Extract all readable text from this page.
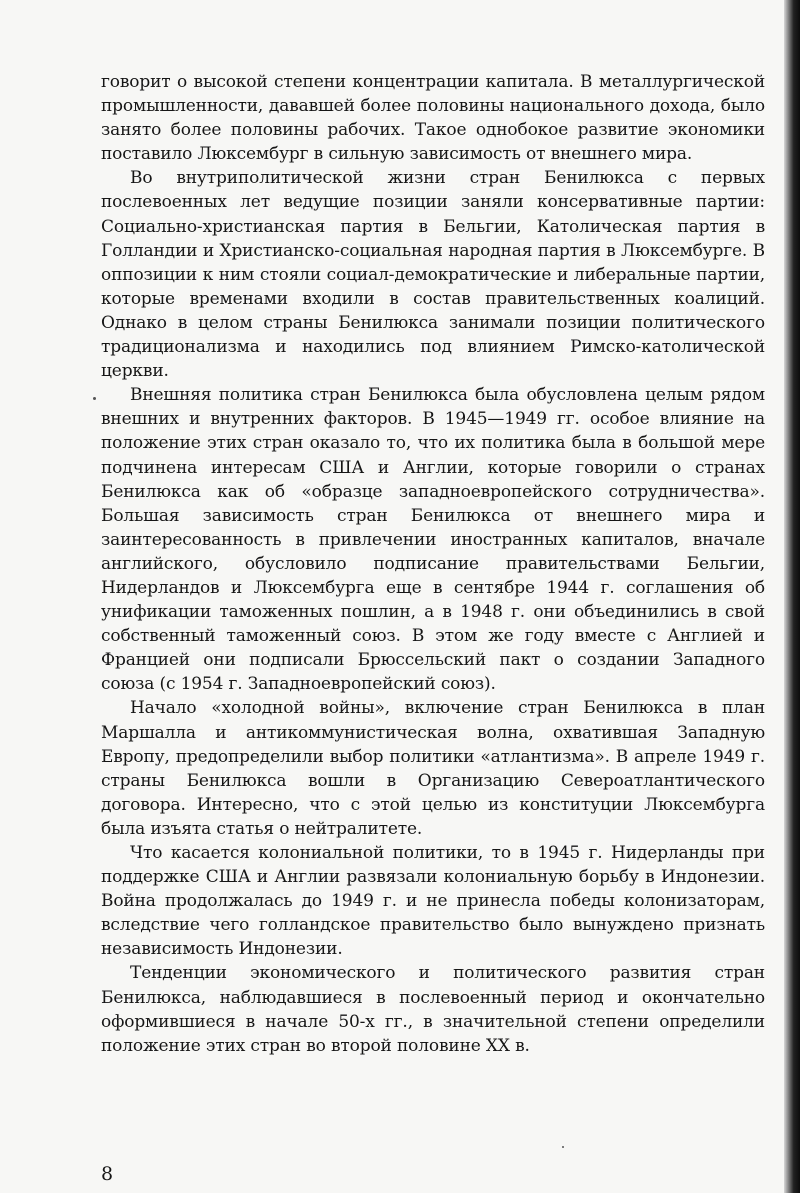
говорит о высокой степени концентрации капитала. В металлургической промышленности, дававшей более половины национального дохода, было занято более половины рабочих. Такое однобокое развитие экономики поставило Люксембург в сильную зависимость от внешнего мира.

Во внутриполитической жизни стран Бенилюкса с первых послевоенных лет ведущие позиции заняли консервативные партии: Социально-христианская партия в Бельгии, Католическая партия в Голландии и Христианско-социальная народная партия в Люксембурге. В оппозиции к ним стояли социал-демократические и либеральные партии, которые временами входили в состав правительственных коалиций. Однако в целом страны Бенилюкса занимали позиции политического традиционализма и находились под влиянием Римско-католической церкви.

Внешняя политика стран Бенилюкса была обусловлена целым рядом внешних и внутренних факторов. В 1945—1949 гг. особое влияние на положение этих стран оказало то, что их политика была в большой мере подчинена интересам США и Англии, которые говорили о странах Бенилюкса как об «образце западноевропейского сотрудничества». Большая зависимость стран Бенилюкса от внешнего мира и заинтересованность в привлечении иностранных капиталов, вначале английского, обусловило подписание правительствами Бельгии, Нидерландов и Люксембурга еще в сентябре 1944 г. соглашения об унификации таможенных пошлин, а в 1948 г. они объединились в свой собственный таможенный союз. В этом же году вместе с Англией и Францией они подписали Брюссельский пакт о создании Западного союза (с 1954 г. Западноевропейский союз).

Начало «холодной войны», включение стран Бенилюкса в план Маршалла и антикоммунистическая волна, охватившая Западную Европу, предопределили выбор политики «атлантизма». В апреле 1949 г. страны Бенилюкса вошли в Организацию Североатлантического договора. Интересно, что с этой целью из конституции Люксембурга была изъята статья о нейтралитете.

Что касается колониальной политики, то в 1945 г. Нидерланды при поддержке США и Англии развязали колониальную борьбу в Индонезии. Война продолжалась до 1949 г. и не принесла победы колонизаторам, вследствие чего голландское правительство было вынуждено признать независимость Индонезии.

Тенденции экономического и политического развития стран Бенилюкса, наблюдавшиеся в послевоенный период и окончательно оформившиеся в начале 50-х гг., в значительной степени определили положение этих стран во второй половине XX в.

8
